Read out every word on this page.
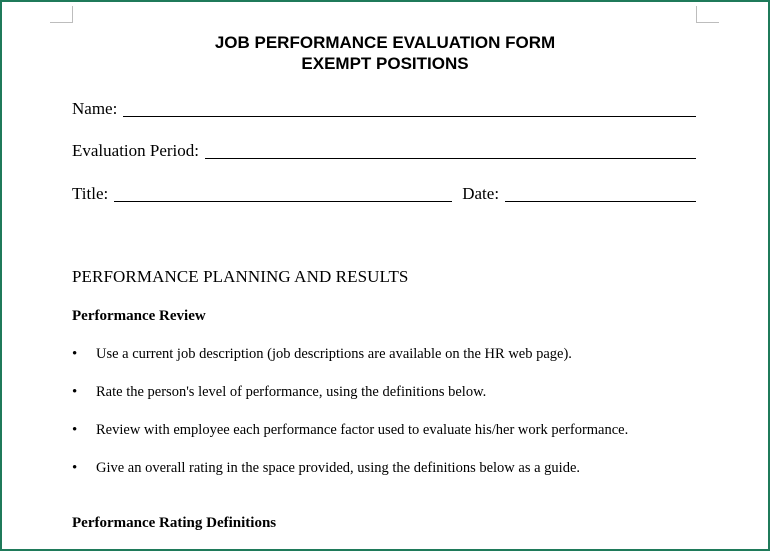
JOB PERFORMANCE EVALUATION FORM
EXEMPT POSITIONS
Name:
Evaluation Period:
Title:	Date:
PERFORMANCE PLANNING AND RESULTS
Performance Review
•	Use a current job description (job descriptions are available on the HR web page).
•	Rate the person's level of performance, using the definitions below.
•	Review with employee each performance factor used to evaluate his/her work performance.
•	Give an overall rating in the space provided, using the definitions below as a guide.
Performance Rating Definitions
